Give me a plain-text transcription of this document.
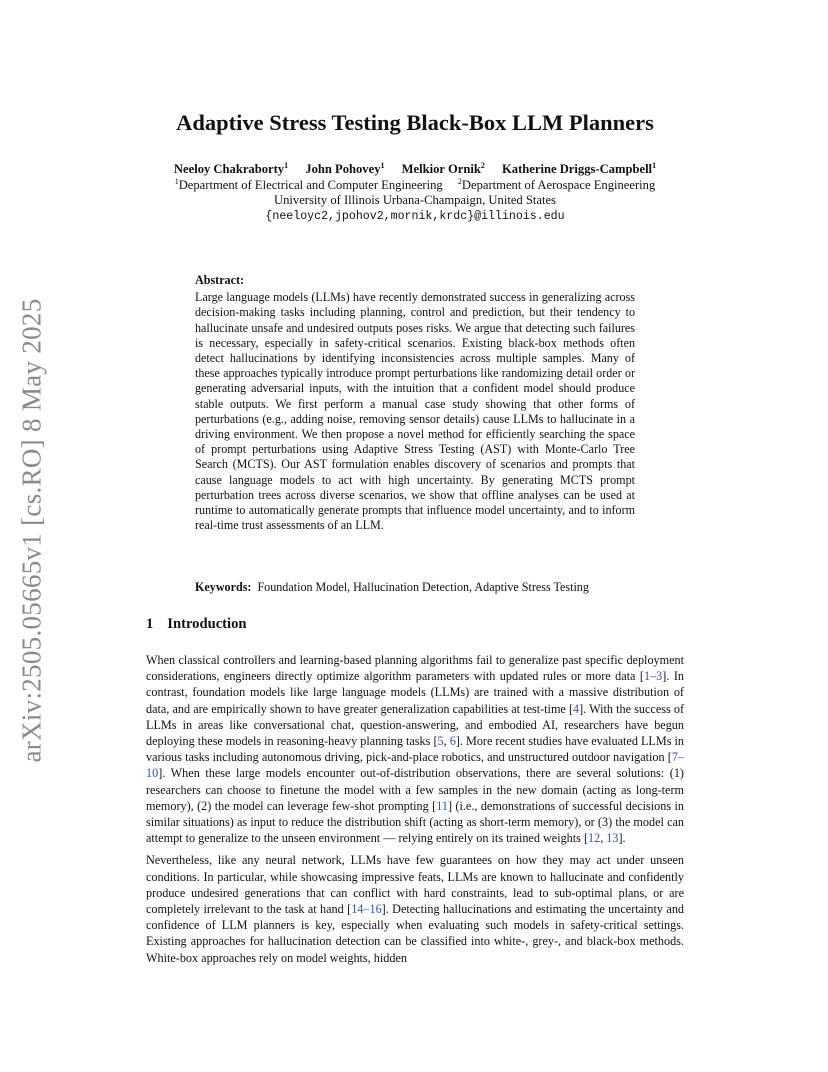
arXiv:2505.05665v1 [cs.RO] 8 May 2025
Adaptive Stress Testing Black-Box LLM Planners
Neeloy Chakraborty$^1$ John Pohovey$^1$ Melkior Ornik$^2$ Katherine Driggs-Campbell$^1$
$^1$Department of Electrical and Computer Engineering $^2$Department of Aerospace Engineering
University of Illinois Urbana-Champaign, United States
{neeloyc2,jpohov2,mornik,krdc}@illinois.edu
Abstract:

Large language models (LLMs) have recently demonstrated success in generalizing across decision-making tasks including planning, control and prediction, but their tendency to hallucinate unsafe and undesired outputs poses risks. We argue that detecting such failures is necessary, especially in safety-critical scenarios. Existing black-box methods often detect hallucinations by identifying inconsistencies across multiple samples. Many of these approaches typically introduce prompt perturbations like randomizing detail order or generating adversarial inputs, with the intuition that a confident model should produce stable outputs. We first perform a manual case study showing that other forms of perturbations (e.g., adding noise, removing sensor details) cause LLMs to hallucinate in a driving environment. We then propose a novel method for efficiently searching the space of prompt perturbations using Adaptive Stress Testing (AST) with Monte-Carlo Tree Search (MCTS). Our AST formulation enables discovery of scenarios and prompts that cause language models to act with high uncertainty. By generating MCTS prompt perturbation trees across diverse scenarios, we show that offline analyses can be used at runtime to automatically generate prompts that influence model uncertainty, and to inform real-time trust assessments of an LLM.

Keywords: Foundation Model, Hallucination Detection, Adaptive Stress Testing
1 Introduction

When classical controllers and learning-based planning algorithms fail to generalize past specific deployment considerations, engineers directly optimize algorithm parameters with updated rules or more data [1–3]. In contrast, foundation models like large language models (LLMs) are trained with a massive distribution of data, and are empirically shown to have greater generalization capabilities at test-time [4]. With the success of LLMs in areas like conversational chat, question-answering, and embodied AI, researchers have begun deploying these models in reasoning-heavy planning tasks [5, 6]. More recent studies have evaluated LLMs in various tasks including autonomous driving, pick-and-place robotics, and unstructured outdoor navigation [7–10]. When these large models encounter out-of-distribution observations, there are several solutions: (1) researchers can choose to finetune the model with a few samples in the new domain (acting as long-term memory), (2) the model can leverage few-shot prompting [11] (i.e., demonstrations of successful decisions in similar situations) as input to reduce the distribution shift (acting as short-term memory), or (3) the model can attempt to generalize to the unseen environment — relying entirely on its trained weights [12, 13].

Nevertheless, like any neural network, LLMs have few guarantees on how they may act under unseen conditions. In particular, while showcasing impressive feats, LLMs are known to hallucinate and confidently produce undesired generations that can conflict with hard constraints, lead to sub-optimal plans, or are completely irrelevant to the task at hand [14–16]. Detecting hallucinations and estimating the uncertainty and confidence of LLM planners is key, especially when evaluating such models in safety-critical settings. Existing approaches for hallucination detection can be classified into white-, grey-, and black-box methods. White-box approaches rely on model weights, hidden
